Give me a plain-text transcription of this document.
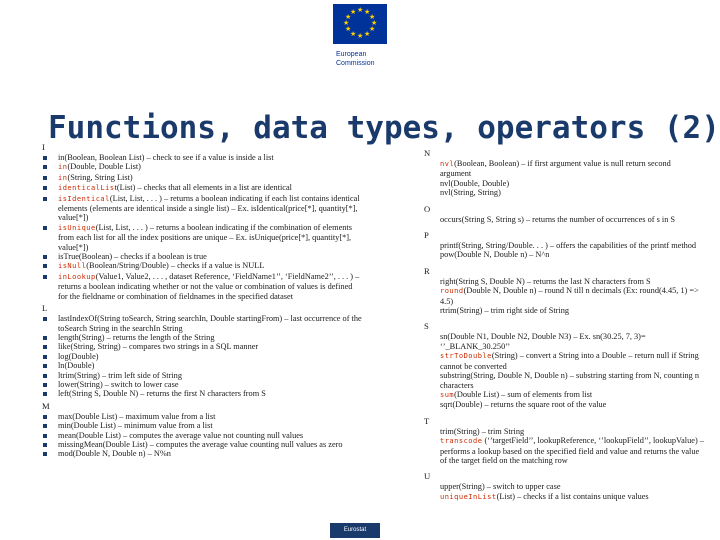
★ ★
★
★
★
★
★
★
★
★
★
★
European
Commission
Functions, data types, operators (2)
I
in(Boolean, Boolean List) – check to see if a value is inside a list
in(Double, Double List)
in(String, String List)
identicalList(List) – checks that all elements in a list are identical
isIdentical(List, List, . . . ) – returns a boolean indicating if each list contains identical elements (elements are identical inside a single list) – Ex. isIdentical(price[*], quantity[*], value[*])
isUnique(List, List, . . . ) – returns a boolean indicating if the combination of elements from each list for all the index positions are unique – Ex. isUnique(price[*], quantity[*], value[*])
isTrue(Boolean) – checks if a boolean is true
isNull(Boolean/String/Double) – checks if a value is NULL
inLookup(Value1, Value2, . . . , dataset Reference, ‘FieldName1’’, ‘FieldName2’’, . . . ) – returns a boolean indicating whether or not the value or combination of values is defined for the fieldname or combination of fieldnames in the specified dataset
L
lastIndexOf(String toSearch, String searchIn, Double startingFrom) – last occurrence of the toSearch String in the searchIn String
length(String) – returns the length of the String
like(String, String) – compares two strings in a SQL manner
log(Double)
ln(Double)
ltrim(String) – trim left side of String
lower(String) – switch to lower case
left(String S, Double N) – returns the first N characters from S
M
max(Double List) – maximum value from a list
min(Double List) – minimum value from a list
mean(Double List) – computes the average value not counting null values
missingMean(Double List) – computes the average value counting null values as zero
mod(Double N, Double n) – N%n
N
nvl(Boolean, Boolean) – if first argument value is null return second argument
nvl(Double, Double)
nvl(String, String)
O
occurs(String S, String s) – returns the number of occurrences of s in S
P
printf(String, String/Double. . . ) – offers the capabilities of the printf method
pow(Double N, Double n) – N^n
R
right(String S, Double N) – returns the last N characters from S
round(Double N, Double n) – round N till n decimals (Ex: round(4.45, 1) => 4.5)
rtrim(String) – trim right side of String
S
sn(Double N1, Double N2, Double N3) – Ex. sn(30.25, 7, 3)= ‘’_BLANK_30.250’’
strToDouble(String) – convert a String into a Double – return null if String cannot be converted
substring(String, Double N, Double n) – substring starting from N, counting n characters
sum(Double List) – sum of elements from list
sqrt(Double) – returns the square root of the value
T
trim(String) – trim String
transcode (‘’targetField’’, lookupReference, ‘’lookupField’’, lookupValue) – performs a lookup based on the specified field and value and returns the value of the target field on the matching row
U
upper(String) – switch to upper case
uniqueInList(List) – checks if a list contains unique values
Eurostat
